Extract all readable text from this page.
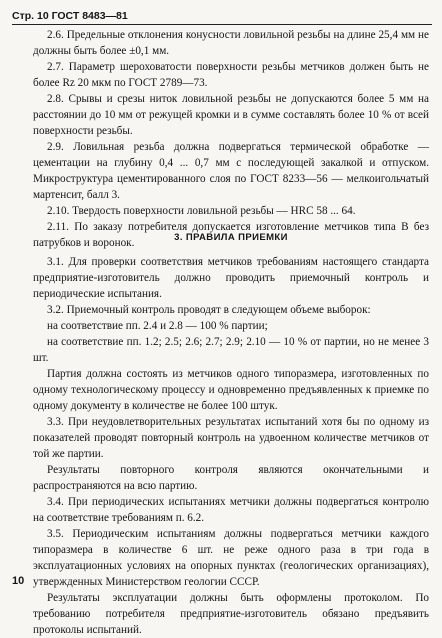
Стр. 10 ГОСТ 8483—81

2.6. Предельные отклонения конусности ловильной резьбы на длине 25,4 мм не должны быть более ±0,1 мм.

2.7. Параметр шероховатости поверхности резьбы метчиков должен быть не более Rz 20 мкм по ГОСТ 2789—73.

2.8. Срывы и срезы ниток ловильной резьбы не допускаются более 5 мм на расстоянии до 10 мм от режущей кромки и в сумме составлять более 10 % от всей поверхности резьбы.

2.9. Ловильная резьба должна подвергаться термической обработке — цементации на глубину 0,4 ... 0,7 мм с последующей закалкой и отпуском. Микроструктура цементированного слоя по ГОСТ 8233—56 — мелкоигольчатый мартенсит, балл 3.

2.10. Твердость поверхности ловильной резьбы — HRC 58 ... 64.

2.11. По заказу потребителя допускается изготовление метчиков типа В без патрубков и воронок.	3. ПРАВИЛА ПРИЕМКИ

3.1. Для проверки соответствия метчиков требованиям настоящего стандарта предприятие-изготовитель должно проводить приемочный контроль и периодические испытания.

3.2. Приемочный контроль проводят в следующем объеме выборок:

на соответствие пп. 2.4 и 2.8 — 100 % партии;

на соответствие пп. 1.2; 2.5; 2.6; 2.7; 2.9; 2.10 — 10 % от партии, но не менее 3 шт.

Партия должна состоять из метчиков одного типоразмера, изготовленных по одному технологическому процессу и одновременно предъявленных к приемке по одному документу в количестве не более 100 штук.

3.3. При неудовлетворительных результатах испытаний хотя бы по одному из показателей проводят повторный контроль на удвоенном количестве метчиков от той же партии.

Результаты повторного контроля являются окончательными и распространяются на всю партию.

3.4. При периодических испытаниях метчики должны подвергаться контролю на соответствие требованиям п. 6.2.

3.5. Периодическим испытаниям должны подвергаться метчики каждого типоразмера в количестве 6 шт. не реже одного раза в три года в эксплуатационных условиях на опорных пунктах (геологических организациях), утвержденных Министерством геологии СССР.

Результаты эксплуатации должны быть оформлены протоколом. По требованию потребителя предприятие-изготовитель обязано предъявить протоколы испытаний.

10
